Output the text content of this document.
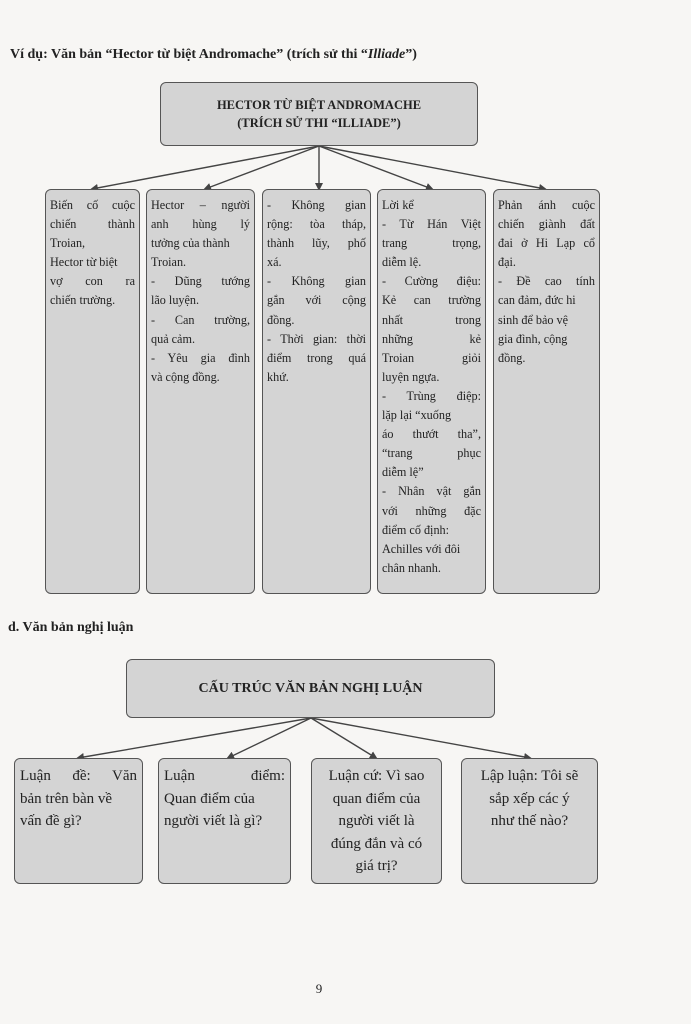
Ví dụ: Văn bản “Hector từ biệt Andromache” (trích sử thi “Illiade”)
HECTOR TỪ BIỆT ANDROMACHE
(TRÍCH SỬ THI “ILLIADE”)
Biến cố cuộc
chiến thành
Troian,
Hector từ biệt
vợ con ra
chiến trường.
Hector – người
anh hùng lý
tưởng của thành
Troian.
- Dũng tướng
lão luyện.
- Can trường,
quả cảm.
- Yêu gia đình
và cộng đồng.
- Không gian
rộng: tòa tháp,
thành lũy, phố
xá.
- Không gian
gắn với cộng
đồng.
- Thời gian: thời
điểm trong quá
khứ.
Lời kể
- Từ Hán Việt
trang trọng,
diễm lệ.
- Cường điệu:
Kẻ can trường
nhất trong
những kẻ
Troian giỏi
luyện ngựa.
- Trùng điệp:
lặp lại “xuống
áo thướt tha”,
“trang phục
diễm lệ”
- Nhân vật gắn
với những đặc
điểm cố định:
Achilles với đôi
chân nhanh.
Phản ánh cuộc
chiến giành đất
đai ở Hi Lạp cổ
đại.
- Đề cao tính
can đảm, đức hi
sinh để bảo vệ
gia đình, cộng
đồng.
d. Văn bản nghị luận
CẤU TRÚC VĂN BẢN NGHỊ LUẬN
Luận đề: Văn
bản trên bàn về
vấn đề gì?
Luận điểm:
Quan điểm của
người viết là gì?
Luận cứ: Vì sao
quan điểm của
người viết là
đúng đắn và có
giá trị?
Lập luận: Tôi sẽ
sắp xếp các ý
như thế nào?
9
